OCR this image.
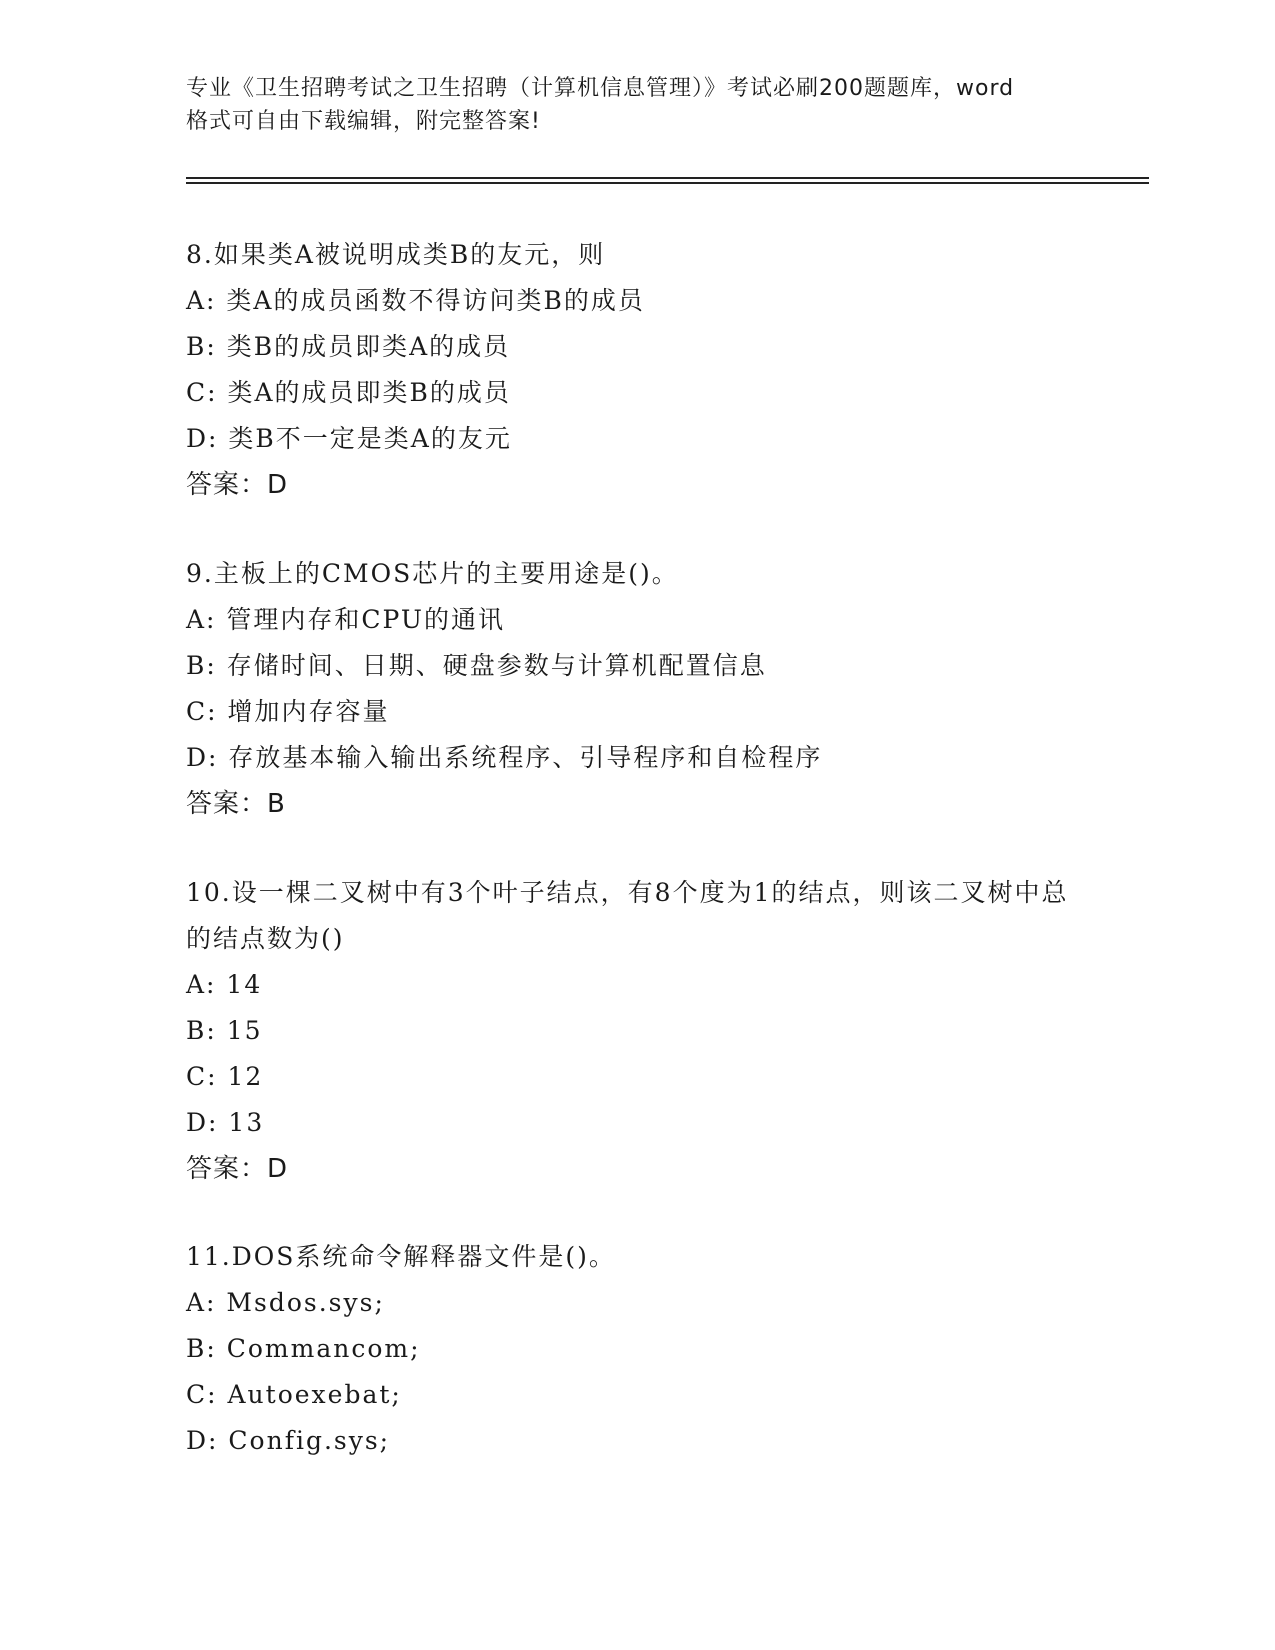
专业《卫生招聘考试之卫生招聘（计算机信息管理）》考试必刷200题题库，word
格式可自由下载编辑，附完整答案!
8.如果类A被说明成类B的友元，则
A: 类A的成员函数不得访问类B的成员
B: 类B的成员即类A的成员
C: 类A的成员即类B的成员
D: 类B不一定是类A的友元
答案：D
9.主板上的CMOS芯片的主要用途是()。
A: 管理内存和CPU的通讯
B: 存储时间、日期、硬盘参数与计算机配置信息
C: 增加内存容量
D: 存放基本输入输出系统程序、引导程序和自检程序
答案：B
10.设一棵二叉树中有3个叶子结点，有8个度为1的结点，则该二叉树中总的结点数为()
A: 14
B: 15
C: 12
D: 13
答案：D
11.DOS系统命令解释器文件是()。
A: Msdos.sys;
B: Commancom;
C: Autoexebat;
D: Config.sys;
